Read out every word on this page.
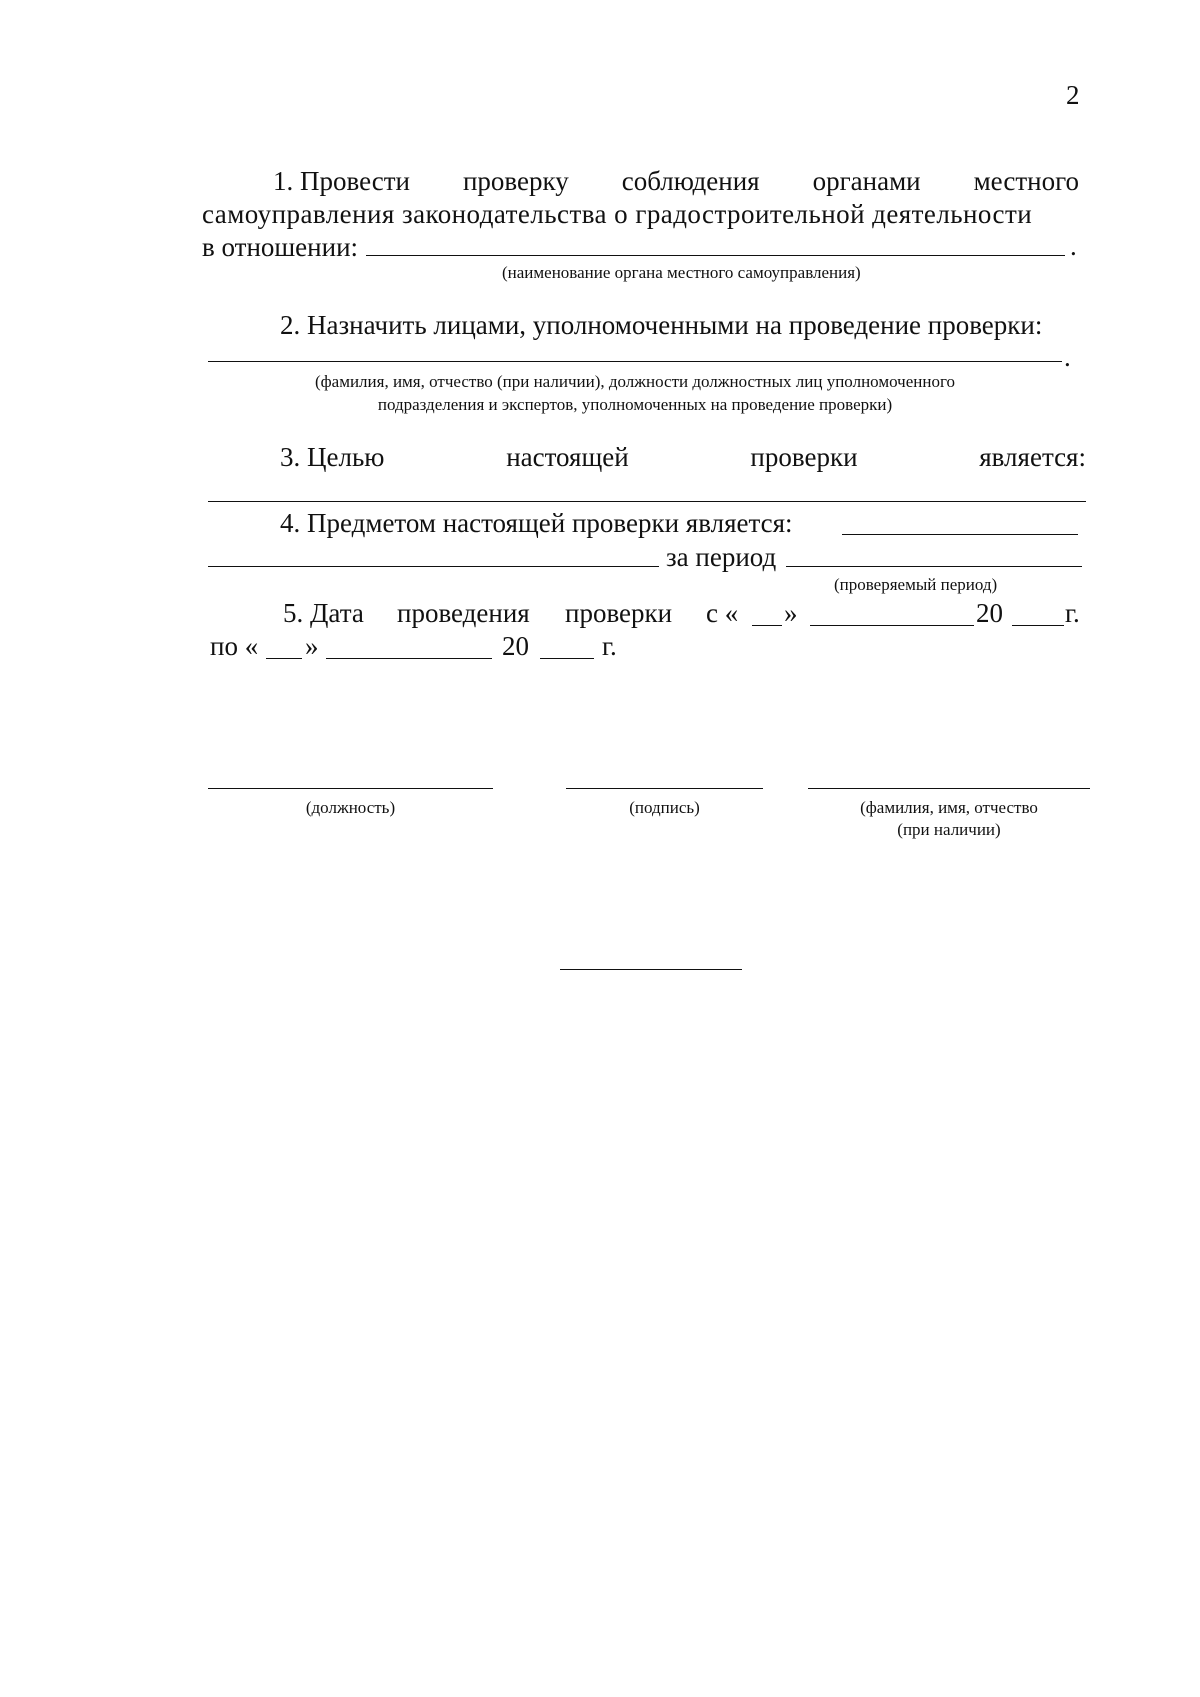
2
1. Провести проверку соблюдения органами местного
самоуправления законодательства о градостроительной деятельности
в отношении:	.
(наименование органа местного самоуправления)
2. Назначить лицами, уполномоченными на проведение проверки:
.
(фамилия, имя, отчество (при наличии), должности должностных лиц уполномоченного
подразделения и экспертов, уполномоченных на проведение проверки)
3. Целью	настоящей	проверки	является:
4. Предметом настоящей проверки является:
за период
(проверяемый период)
5. Дата проведения проверки с « »	20 г.
по « »	20	г.
(должность)	(подпись)	(фамилия, имя, отчество
(при наличии)
